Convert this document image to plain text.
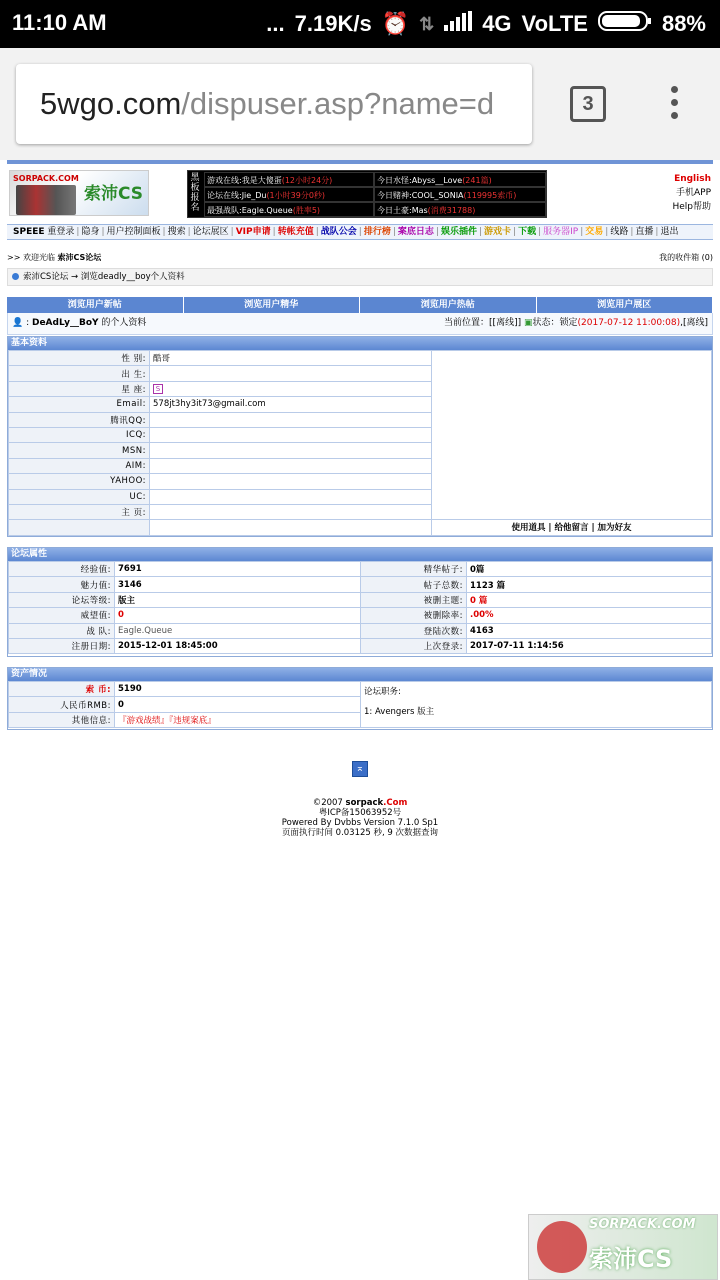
11:10 AM	... 7.19K/s ⏰ ⇅ 4G VoLTE	88%
5wgo.com/dispuser.asp?name=d	3
SORPACK.COM
索沛CS
黑板报名
游戏在线:我是大傻蛋(12小时24分)
论坛在线:Jie_Du(1小时39分0秒)
最强战队:Eagle.Queue(胜率5)
今日水怪:Abyss__Love(241篇)
今日赌神:COOL_SONIA(119995索币)
今日土豪:Mas(消费31788)
English
手机APP
Help帮助
SPEEE 重登录 | 隐身 | 用户控制面板 | 搜索 | 论坛展区 | VIP申请 | 转帐充值 | 战队公会 | 排行榜 | 案底日志 | 娱乐插件 | 游戏卡 | 下载 | 服务器IP | 交易 | 线路 | 直播 | 退出
>> 欢迎光临 索沛CS论坛	我的收件箱 (0)
索沛CS论坛 → 浏览deadly__boy个人资料
浏览用户新帖	浏览用户精华	浏览用户热帖	浏览用户展区
👤 : DeAdLy__BoY 的个人资料	当前位置：[[离线]] ▣状态：锁定(2017-07-12 11:00:08),[离线]
基本资料
性 别:	酷哥	
出 生:		
星 座:	S	
Email:	578jt3hy3it73@gmail.com	
腾讯QQ:		
ICQ:		
MSN:		
AIM:		
YAHOO:		
UC:		
主 页:		
		使用道具 | 给他留言 | 加为好友
论坛属性
经验值:	7691	精华帖子:	0篇
魅力值:	3146	帖子总数:	1123 篇
论坛等级:	版主	被删主题:	0 篇
威望值:	0	被删除率:	.00%
战 队:	Eagle.Queue	登陆次数:	4163
注册日期:	2015-12-01 18:45:00	上次登录:	2017-07-11 1:14:56
资产情况
索 币:	5190	论坛职务:
1: Avengers 版主

人民币RMB:	0	
其他信息:	『游戏战绩』『违规案底』	
⌅
©2007 sorpack.Com
粤ICP备15063952号
Powered By Dvbbs Version 7.1.0 Sp1
页面执行时间 0.03125 秒, 9 次数据查询
SORPACK.COM
索沛CS
